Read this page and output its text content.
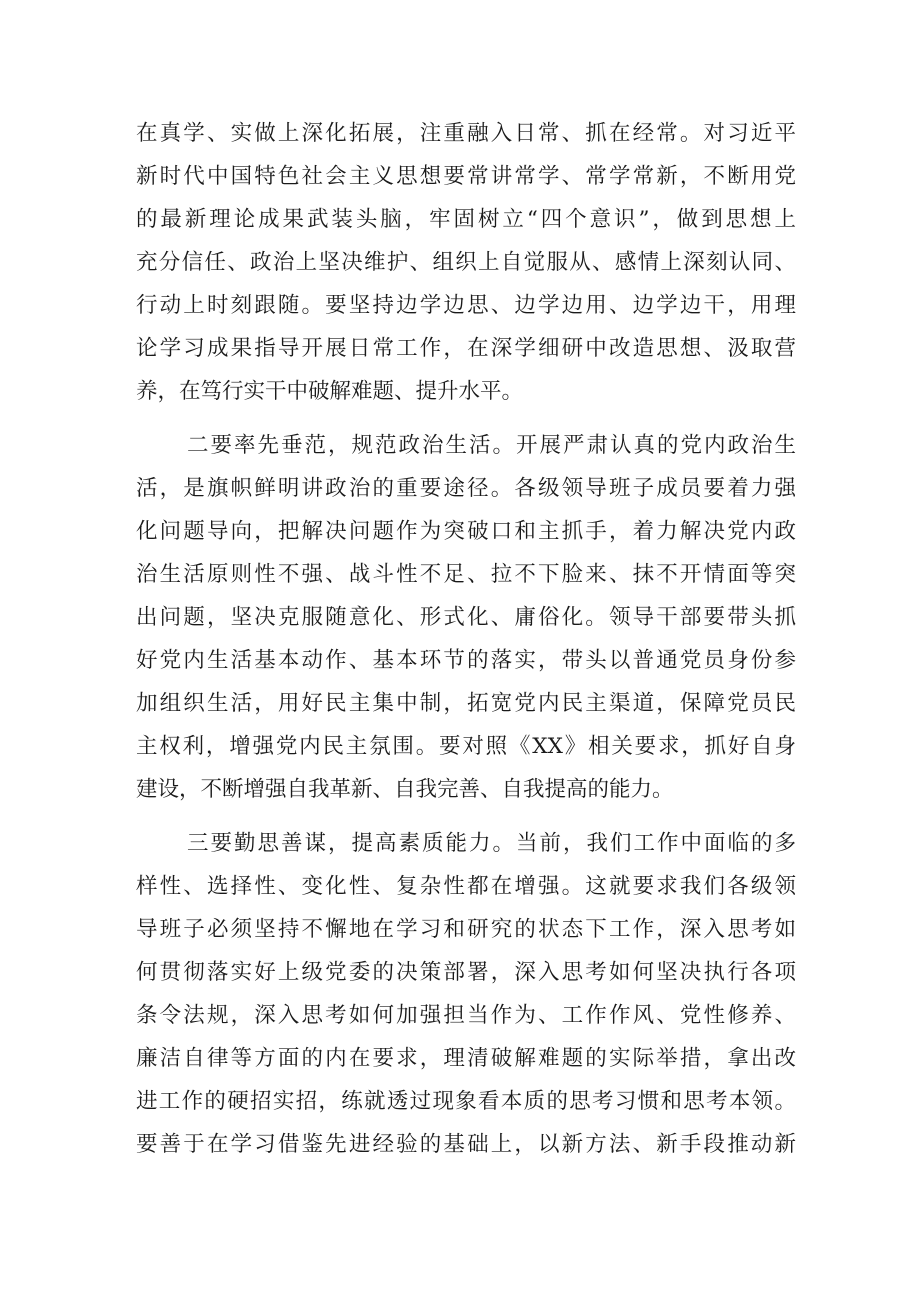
在真学、实做上深化拓展，注重融入日常、抓在经常。对习近平
新时代中国特色社会主义思想要常讲常学、常学常新，不断用党
的最新理论成果武装头脑，牢固树立“四个意识”，做到思想上
充分信任、政治上坚决维护、组织上自觉服从、感情上深刻认同、
行动上时刻跟随。要坚持边学边思、边学边用、边学边干，用理
论学习成果指导开展日常工作，在深学细研中改造思想、汲取营
养，在笃行实干中破解难题、提升水平。
二要率先垂范，规范政治生活。开展严肃认真的党内政治生
活，是旗帜鲜明讲政治的重要途径。各级领导班子成员要着力强
化问题导向，把解决问题作为突破口和主抓手，着力解决党内政
治生活原则性不强、战斗性不足、拉不下脸来、抹不开情面等突
出问题，坚决克服随意化、形式化、庸俗化。领导干部要带头抓
好党内生活基本动作、基本环节的落实，带头以普通党员身份参
加组织生活，用好民主集中制，拓宽党内民主渠道，保障党员民
主权利，增强党内民主氛围。要对照《XX》相关要求，抓好自身
建设，不断增强自我革新、自我完善、自我提高的能力。
三要勤思善谋，提高素质能力。当前，我们工作中面临的多
样性、选择性、变化性、复杂性都在增强。这就要求我们各级领
导班子必须坚持不懈地在学习和研究的状态下工作，深入思考如
何贯彻落实好上级党委的决策部署，深入思考如何坚决执行各项
条令法规，深入思考如何加强担当作为、工作作风、党性修养、
廉洁自律等方面的内在要求，理清破解难题的实际举措，拿出改
进工作的硬招实招，练就透过现象看本质的思考习惯和思考本领。
要善于在学习借鉴先进经验的基础上，以新方法、新手段推动新
